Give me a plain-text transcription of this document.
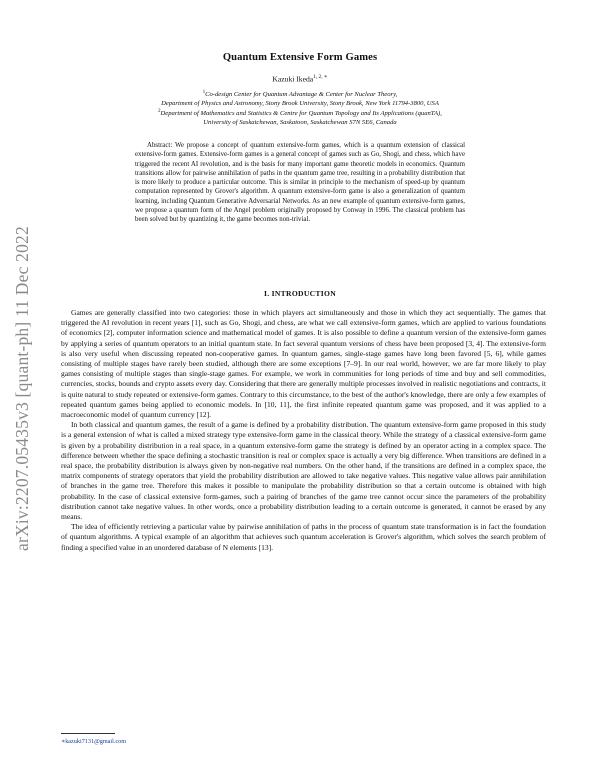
arXiv:2207.05435v3 [quant-ph] 11 Dec 2022
Quantum Extensive Form Games
Kazuki Ikeda$^{1, 2, ∗}$
$^1$Co-design Center for Quantum Advantage & Center for Nuclear Theory,
Department of Physics and Astronomy, Stony Brook University, Stony Brook, New York 11794-3800, USA
$^2$Department of Mathematics and Statistics & Centre for Quantum Topology and Its Applications (quanTA),
University of Saskatchewan, Saskatoon, Saskatchewan S7N 5E6, Canada
Abstract: We propose a concept of quantum extensive-form games, which is a quantum extension of classical extensive-form games. Extensive-form games is a general concept of games such as Go, Shogi, and chess, which have triggered the recent AI revolution, and is the basis for many important game theoretic models in economics. Quantum transitions allow for pairwise annihilation of paths in the quantum game tree, resulting in a probability distribution that is more likely to produce a particular outcome. This is similar in principle to the mechanism of speed-up by quantum computation represented by Grover's algorithm. A quantum extensive-form game is also a generalization of quantum learning, including Quantum Generative Adversarial Networks. As an new example of quantum extensive-form games, we propose a quantum form of the Angel problem originally proposed by Conway in 1996. The classical problem has been solved but by quantizing it, the game becomes non-trivial.
I. INTRODUCTION

Games are generally classified into two categories: those in which players act simultaneously and those in which they act sequentially. The games that triggered the AI revolution in recent years [1], such as Go, Shogi, and chess, are what we call extensive-form games, which are applied to various foundations of economics [2], computer information science and mathematical model of games. It is also possible to define a quantum version of the extensive-form games by applying a series of quantum operators to an initial quantum state. In fact several quantum versions of chess have been proposed [3, 4]. The extensive-form is also very useful when discussing repeated non-cooperative games. In quantum games, single-stage games have long been favored [5, 6], while games consisting of multiple stages have rarely been studied, although there are some exceptions [7–9]. In our real world, however, we are far more likely to play games consisting of multiple stages than single-stage games. For example, we work in communities for long periods of time and buy and sell commodities, currencies, stocks, bounds and crypto assets every day. Considering that there are generally multiple processes involved in realistic negotiations and contracts, it is quite natural to study repeated or extensive-form games. Contrary to this circumstance, to the best of the author's knowledge, there are only a few examples of repeated quantum games being applied to economic models. In [10, 11], the first infinite repeated quantum game was proposed, and it was applied to a macroeconomic model of quantum currency [12].

In both classical and quantum games, the result of a game is defined by a probability distribution. The quantum extensive-form game proposed in this study is a general extension of what is called a mixed strategy type extensive-form game in the classical theory. While the strategy of a classical extensive-form game is given by a probability distribution in a real space, in a quantum extensive-form game the strategy is defined by an operator acting in a complex space. The difference between whether the space defining a stochastic transition is real or complex space is actually a very big difference. When transitions are defined in a real space, the probability distribution is always given by non-negative real numbers. On the other hand, if the transitions are defined in a complex space, the matrix components of strategy operators that yield the probability distribution are allowed to take negative values. This negative value allows pair annihilation of branches in the game tree. Therefore this makes it possible to manipulate the probability distribution so that a certain outcome is obtained with high probability. In the case of classical extensive form-games, such a pairing of branches of the game tree cannot occur since the parameters of the probability distribution cannot take negative values. In other words, once a probability distribution leading to a certain outcome is generated, it cannot be erased by any means.

The idea of efficiently retrieving a particular value by pairwise annihilation of paths in the process of quantum state transformation is in fact the foundation of quantum algorithms. A typical example of an algorithm that achieves such quantum acceleration is Grover's algorithm, which solves the search problem of finding a specified value in an unordered database of N elements [13].

∗kazuki7131@gmail.com
